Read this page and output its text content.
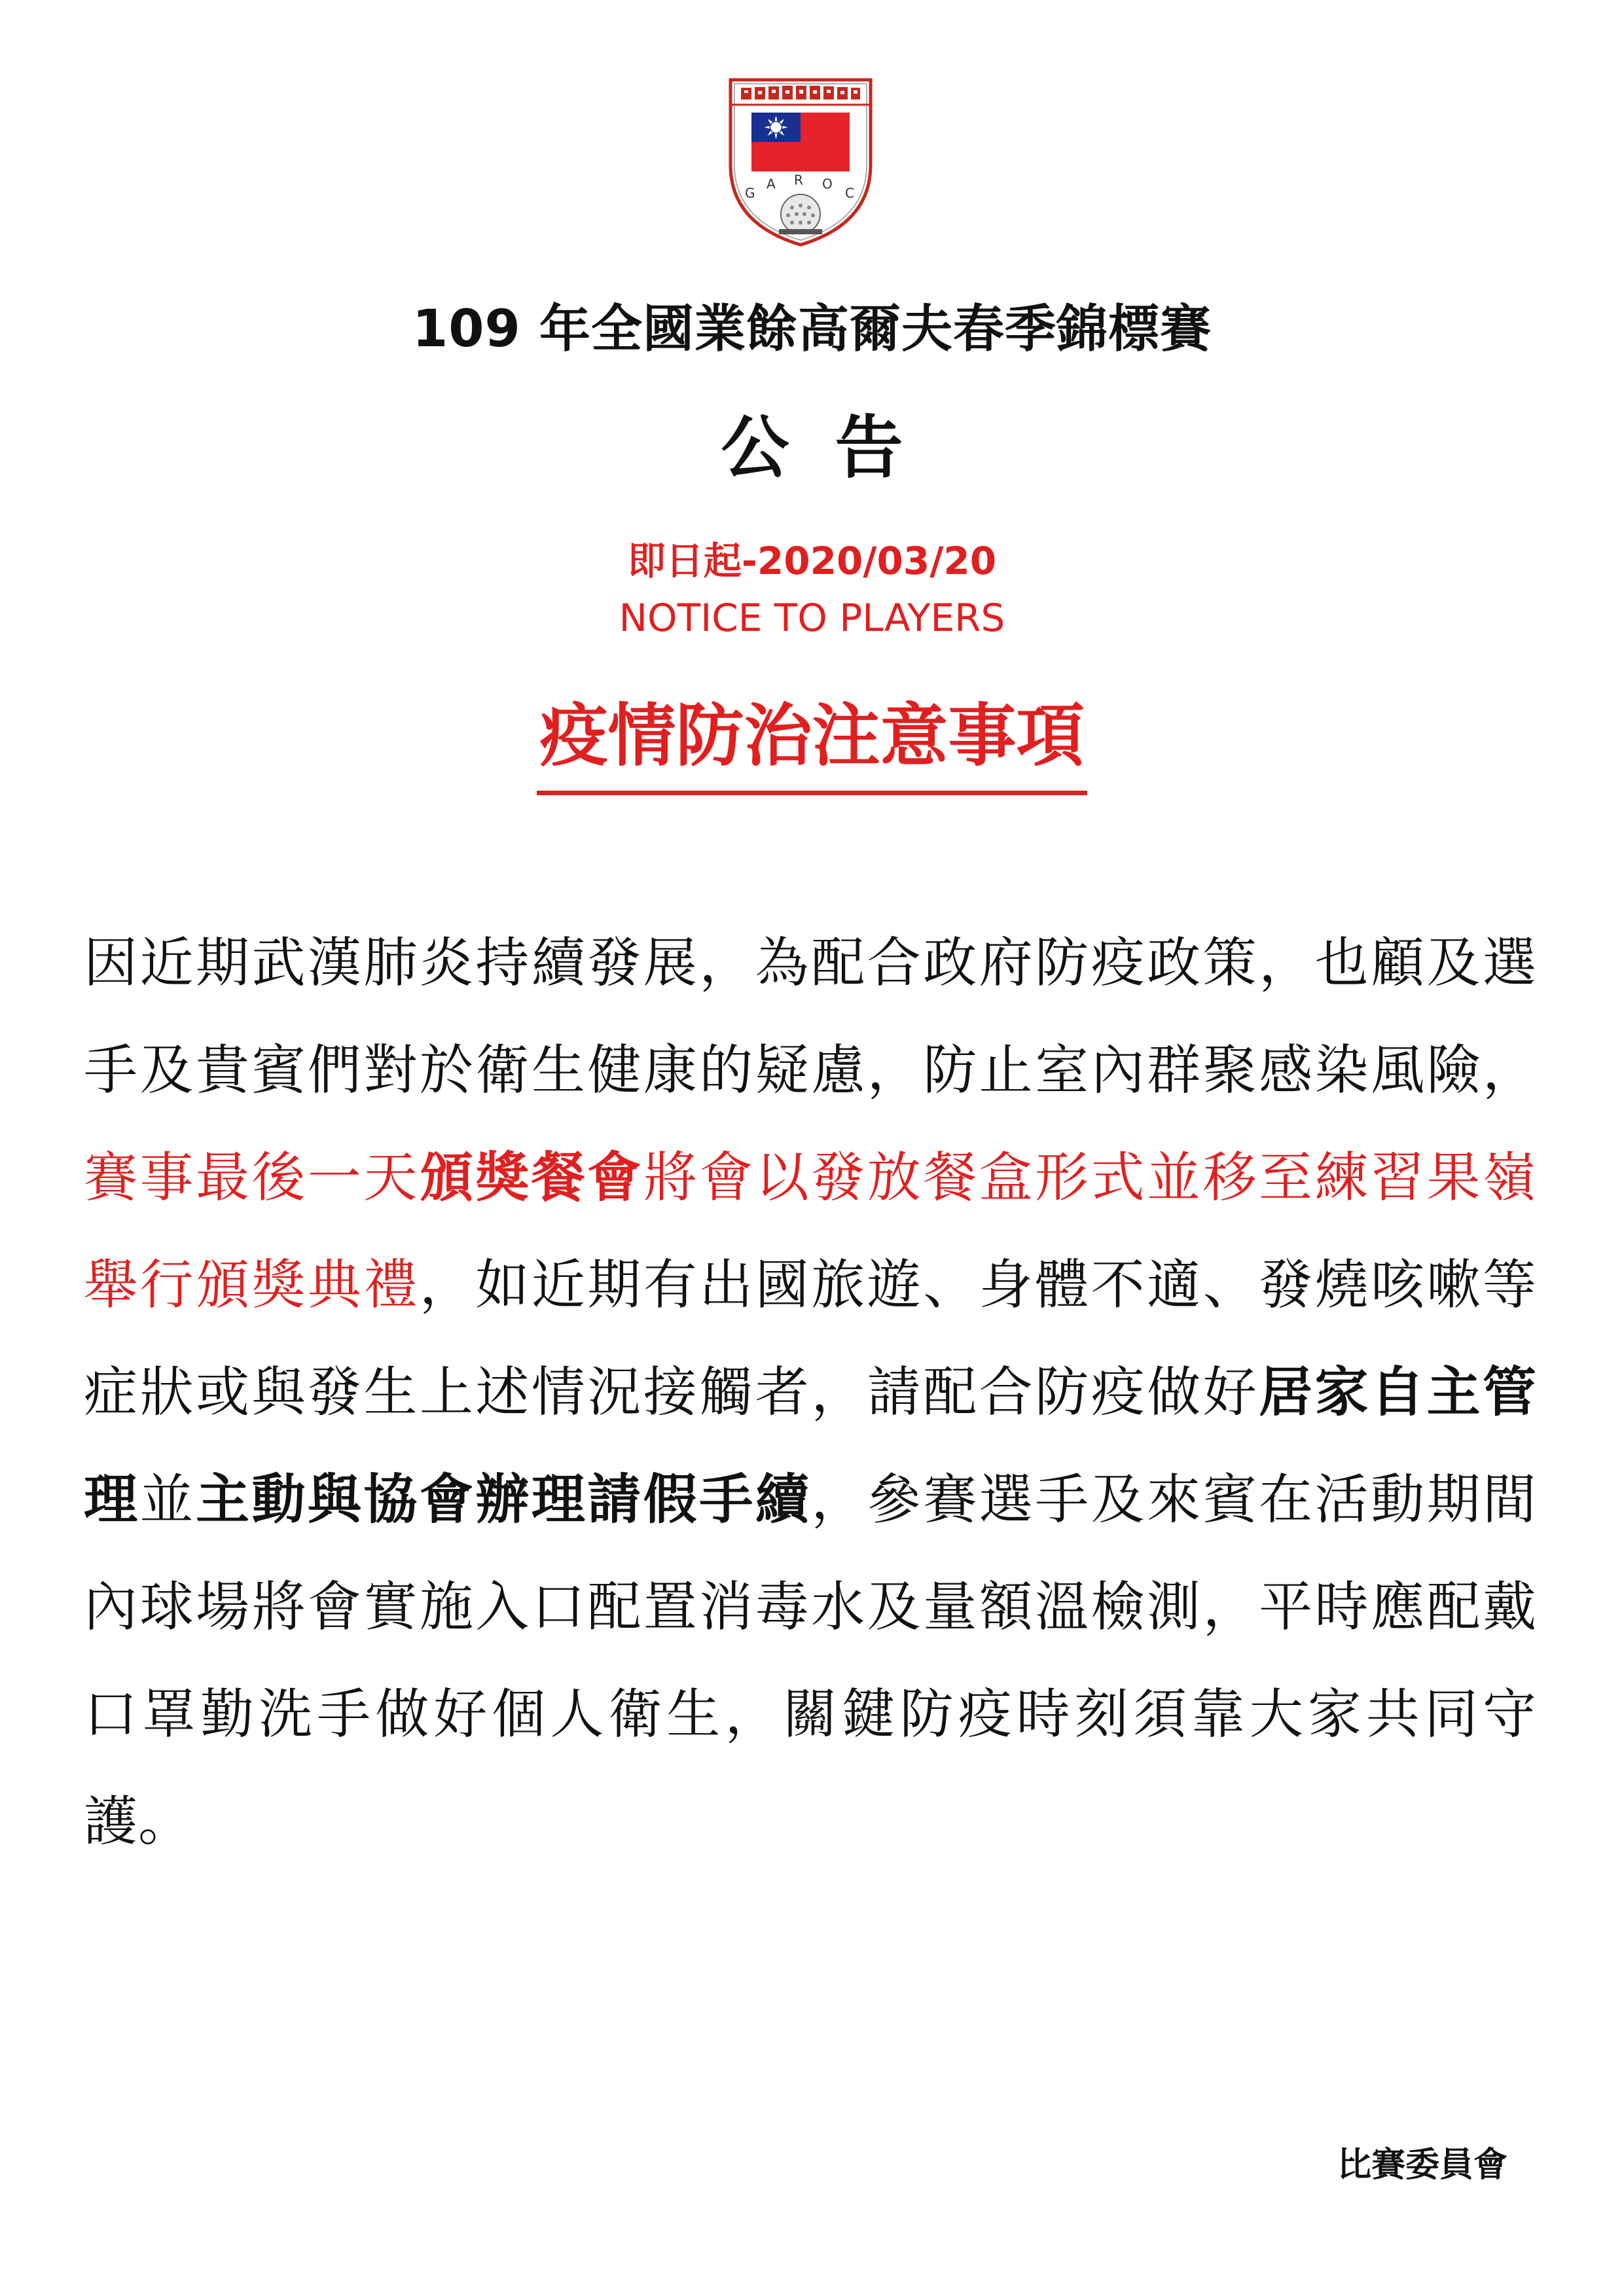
G
A R O
C
109 年全國業餘高爾夫春季錦標賽
公告
即日起-2020/03/20
NOTICE TO PLAYERS
疫情防治注意事項
因近期武漢肺炎持續發展，為配合政府防疫政策，也顧及選手及貴賓們對於衛生健康的疑慮，防止室內群聚感染風險，賽事最後一天頒獎餐會將會以發放餐盒形式並移至練習果嶺舉行頒獎典禮，如近期有出國旅遊、身體不適、發燒咳嗽等症狀或與發生上述情況接觸者，請配合防疫做好居家自主管理並主動與協會辦理請假手續，參賽選手及來賓在活動期間內球場將會實施入口配置消毒水及量額溫檢測，平時應配戴口罩勤洗手做好個人衛生，關鍵防疫時刻須靠大家共同守護。
比賽委員會
